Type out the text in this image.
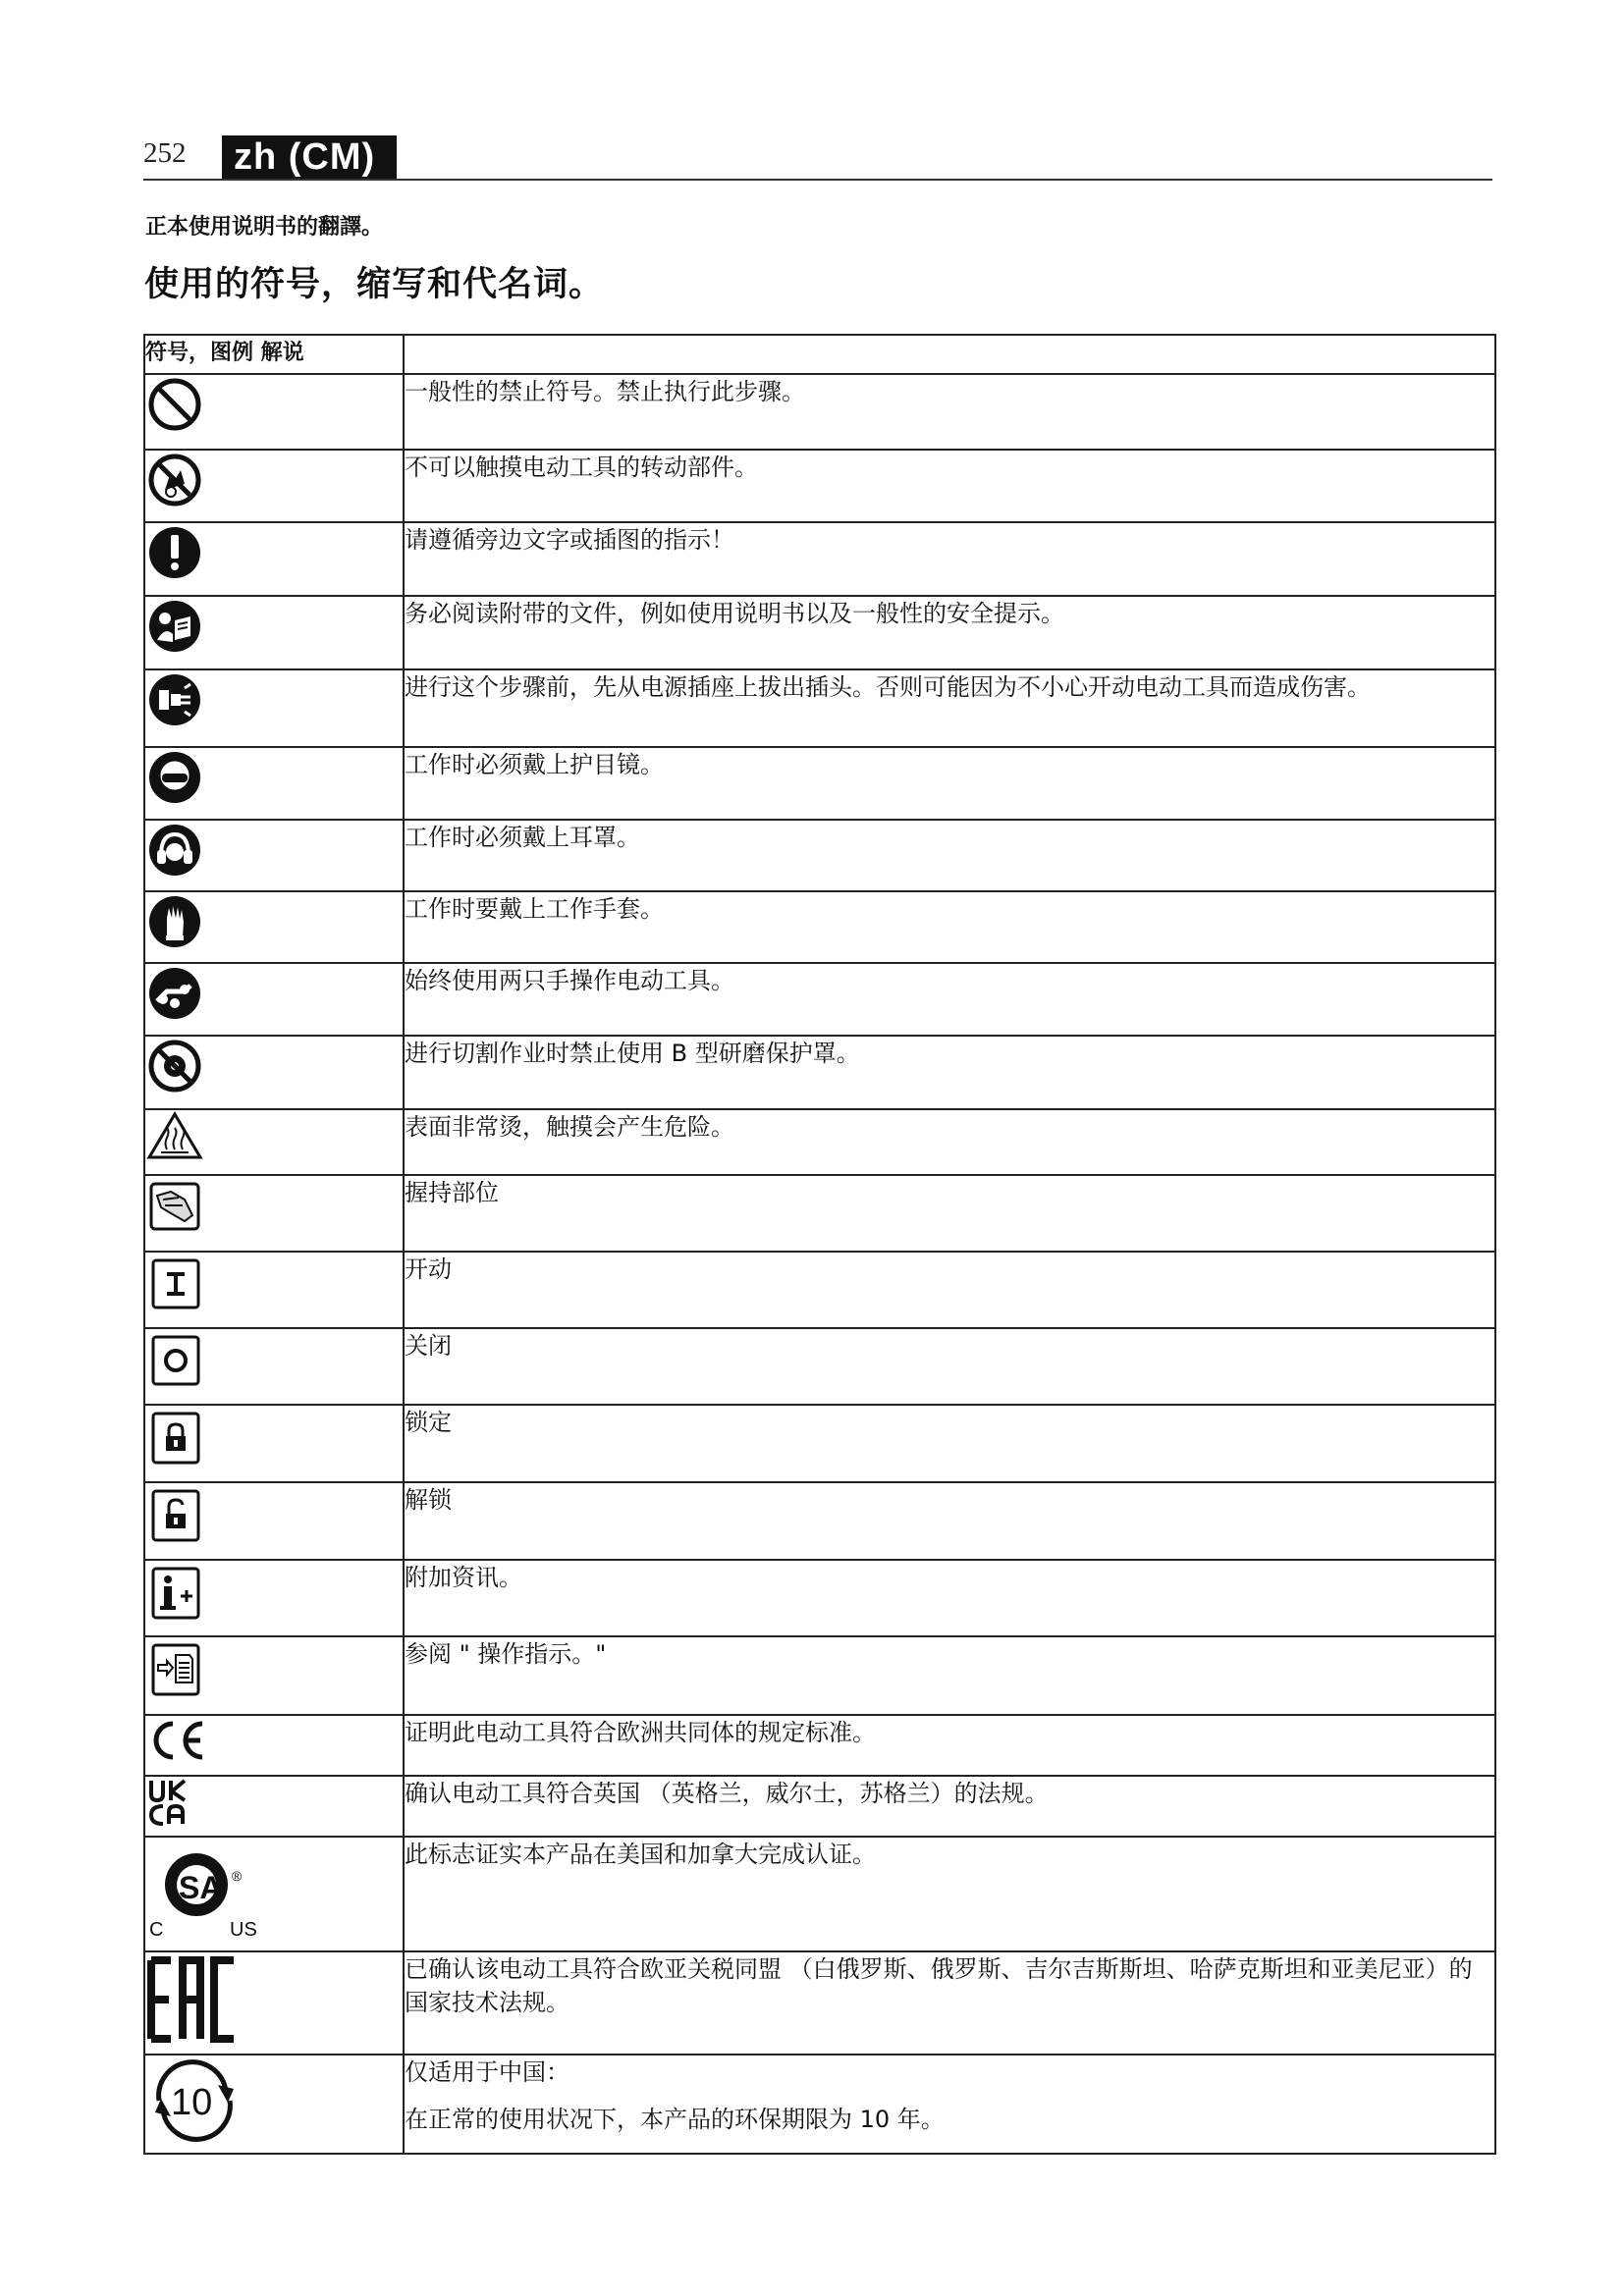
252	zh (CM)
正本使用说明书的翻譯。
使用的符号，缩写和代名词。
符号，图例 解说	

	一般性的禁止符号。禁止执行此步骤。

	不可以触摸电动工具的转动部件。

	请遵循旁边文字或插图的指示！

	务必阅读附带的文件，例如使用说明书以及一般性的安全提示。

	进行这个步骤前，先从电源插座上拔出插头。否则可能因为不小心开动电动工具而造成伤害。

	工作时必须戴上护目镜。

	工作时必须戴上耳罩。

	工作时要戴上工作手套。

	始终使用两只手操作电动工具。

	进行切割作业时禁止使用 B 型研磨保护罩。

	表面非常烫，触摸会产生危险。

	握持部位

	开动

	关闭

	锁定

	解锁

	附加资讯。

	参阅 " 操作指示。"

	证明此电动工具符合欧洲共同体的规定标准。

	确认电动工具符合英国 （英格兰，威尔士，苏格兰）的法规。

SA ®
C US	此标志证实本产品在美国和加拿大完成认证。

	已确认该电动工具符合欧亚关税同盟 （白俄罗斯、俄罗斯、吉尔吉斯斯坦、哈萨克斯坦和亚美尼亚）的国家技术法规。

10	仅适用于中国：
在正常的使用状况下，本产品的环保期限为 10 年。
